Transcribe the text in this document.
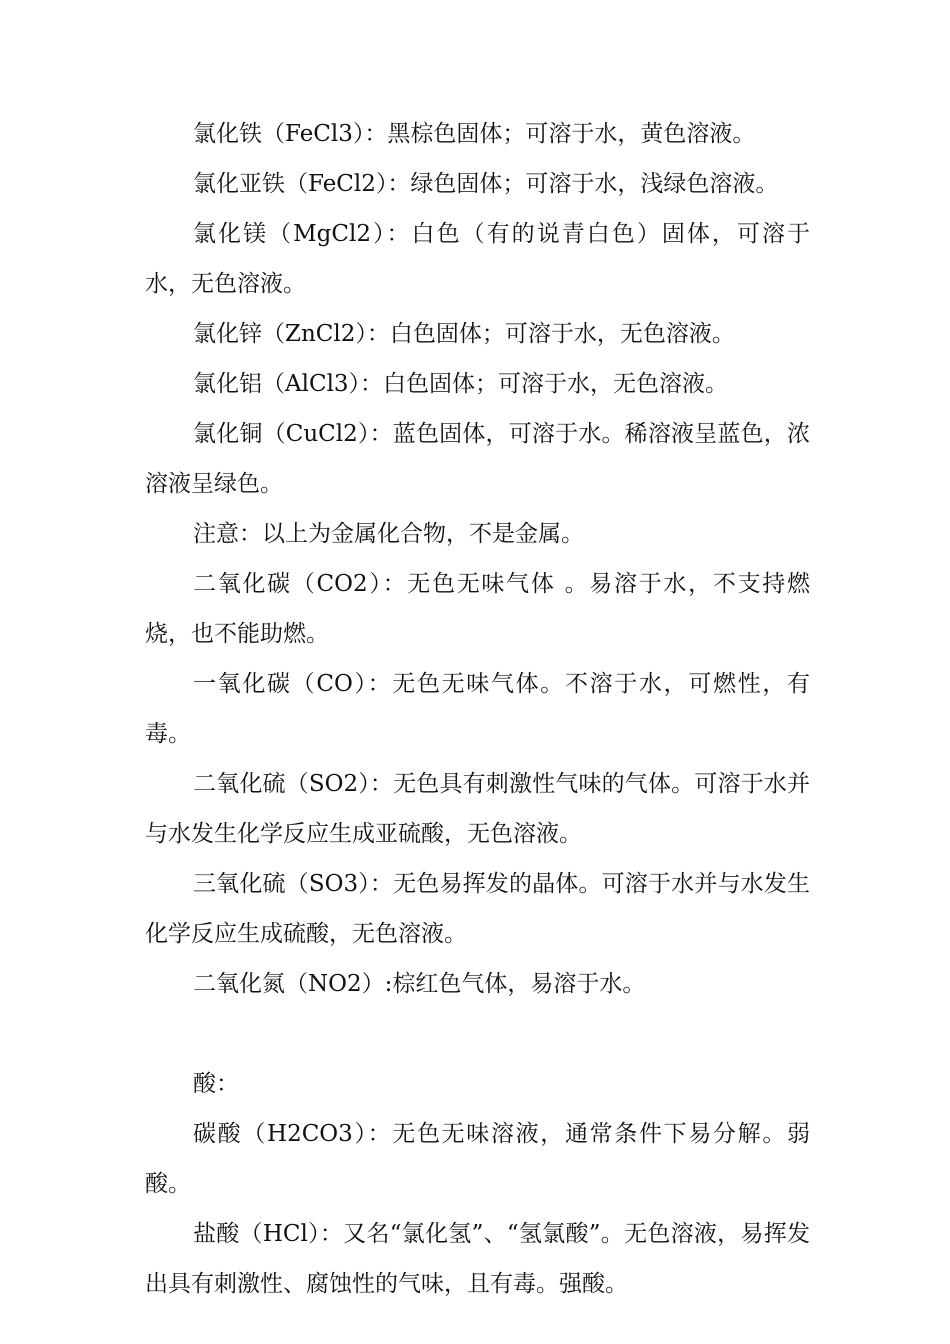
氯化铁（FeCl3）：黑棕色固体；可溶于水，黄色溶液。

氯化亚铁（FeCl2）：绿色固体；可溶于水，浅绿色溶液。

氯化镁（MgCl2）：白色（有的说青白色）固体，可溶于水，无色溶液。

氯化锌（ZnCl2）：白色固体；可溶于水，无色溶液。

氯化铝（AlCl3）：白色固体；可溶于水，无色溶液。

氯化铜（CuCl2）：蓝色固体，可溶于水。稀溶液呈蓝色，浓溶液呈绿色。

注意：以上为金属化合物，不是金属。

二氧化碳（CO2）：无色无味气体 。易溶于水，不支持燃烧，也不能助燃。

一氧化碳（CO）：无色无味气体。不溶于水，可燃性，有毒。

二氧化硫（SO2）：无色具有刺激性气味的气体。可溶于水并与水发生化学反应生成亚硫酸，无色溶液。

三氧化硫（SO3）：无色易挥发的晶体。可溶于水并与水发生化学反应生成硫酸，无色溶液。

二氧化氮（NO2）:棕红色气体，易溶于水。

酸：

碳酸（H2CO3）：无色无味溶液，通常条件下易分解。弱酸。

盐酸（HCl）：又名“氯化氢”、“氢氯酸”。无色溶液，易挥发出具有刺激性、腐蚀性的气味，且有毒。强酸。
